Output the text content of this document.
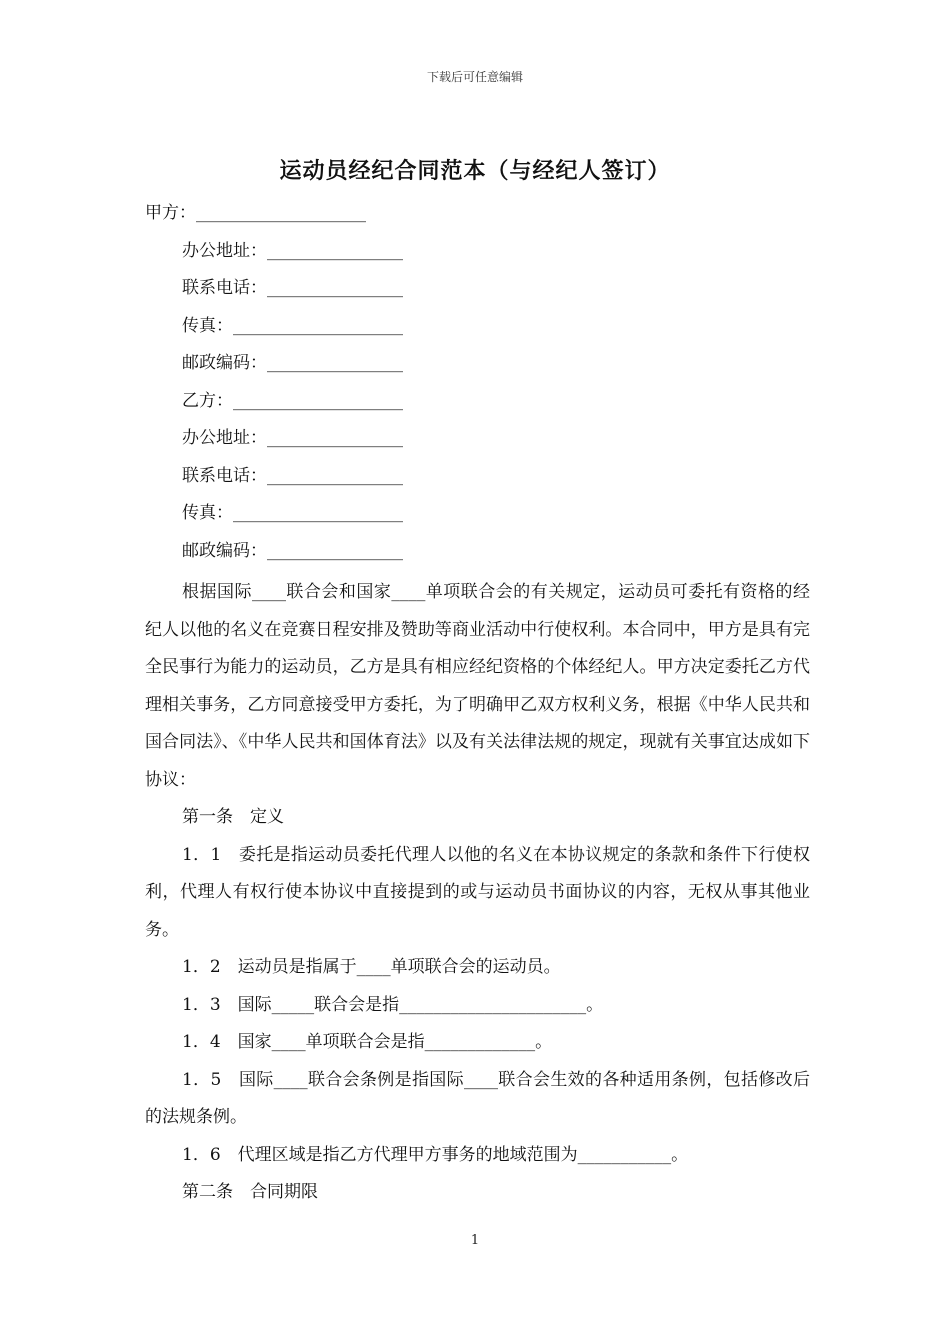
下载后可任意编辑
运动员经纪合同范本（与经纪人签订）
甲方：____________________
办公地址：________________
联系电话：________________
传真：____________________
邮政编码：________________
乙方：____________________
办公地址：________________
联系电话：________________
传真：____________________
邮政编码：________________

根据国际____联合会和国家____单项联合会的有关规定，运动员可委托有资格的经纪人以他的名义在竞赛日程安排及赞助等商业活动中行使权利。本合同中，甲方是具有完全民事行为能力的运动员，乙方是具有相应经纪资格的个体经纪人。甲方决定委托乙方代理相关事务，乙方同意接受甲方委托，为了明确甲乙双方权利义务，根据《中华人民共和国合同法》、《中华人民共和国体育法》以及有关法律法规的规定，现就有关事宜达成如下协议：

第一条　定义

1．1　委托是指运动员委托代理人以他的名义在本协议规定的条款和条件下行使权利，代理人有权行使本协议中直接提到的或与运动员书面协议的内容，无权从事其他业务。

1．2　运动员是指属于____单项联合会的运动员。

1．3　国际_____联合会是指______________________。

1．4　国家____单项联合会是指_____________。

1．5　国际____联合会条例是指国际____联合会生效的各种适用条例，包括修改后的法规条例。

1．6　代理区域是指乙方代理甲方事务的地域范围为___________。

第二条　合同期限
1
